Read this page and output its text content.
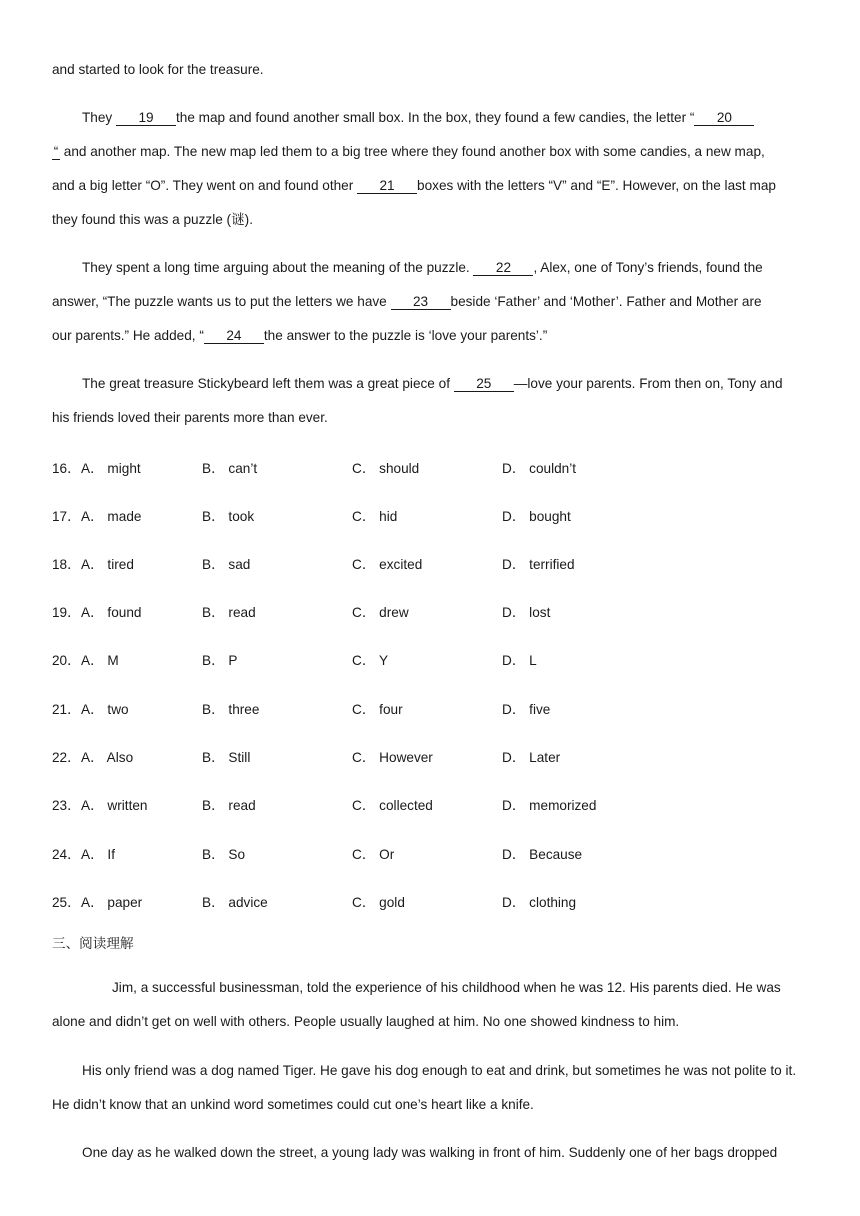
and started to look for the treasure.
They 19 the map and found another small box. In the box, they found a few candies, the letter “ 20
“ and another map. The new map led them to a big tree where they found another box with some candies, a new map,
and a big letter “O”. They went on and found other 21 boxes with the letters “V” and “E”. However, on the last map
they found this was a puzzle (谜).
They spent a long time arguing about the meaning of the puzzle. 22 , Alex, one of Tony’s friends, found the
answer, “The puzzle wants us to put the letters we have 23 beside ‘Father’ and ‘Mother’. Father and Mother are
our parents.” He added, “ 24 the answer to the puzzle is ‘love your parents’.”
The great treasure Stickybeard left them was a great piece of 25 —love your parents. From then on, Tony and
his friends loved their parents more than ever.
16． A． might	B． can’t	C． should	D． couldn’t
17． A． made	B． took	C． hid	D． bought
18． A． tired	B． sad	C． excited	D． terrified
19． A． found	B． read	C． drew	D． lost
20． A． M	B． P	C． Y	D． L
21． A． two	B． three	C． four	D． five
22． A． Also	B． Still	C． However	D． Later
23． A． written	B． read	C． collected	D． memorized
24． A． If	B． So	C． Or	D． Because
25． A． paper	B． advice	C． gold	D． clothing
三、阅读理解
Jim, a successful businessman, told the experience of his childhood when he was 12. His parents died. He was
alone and didn’t get on well with others. People usually laughed at him. No one showed kindness to him.
His only friend was a dog named Tiger. He gave his dog enough to eat and drink, but sometimes he was not polite to it.
He didn’t know that an unkind word sometimes could cut one’s heart like a knife.
One day as he walked down the street, a young lady was walking in front of him. Suddenly one of her bags dropped
